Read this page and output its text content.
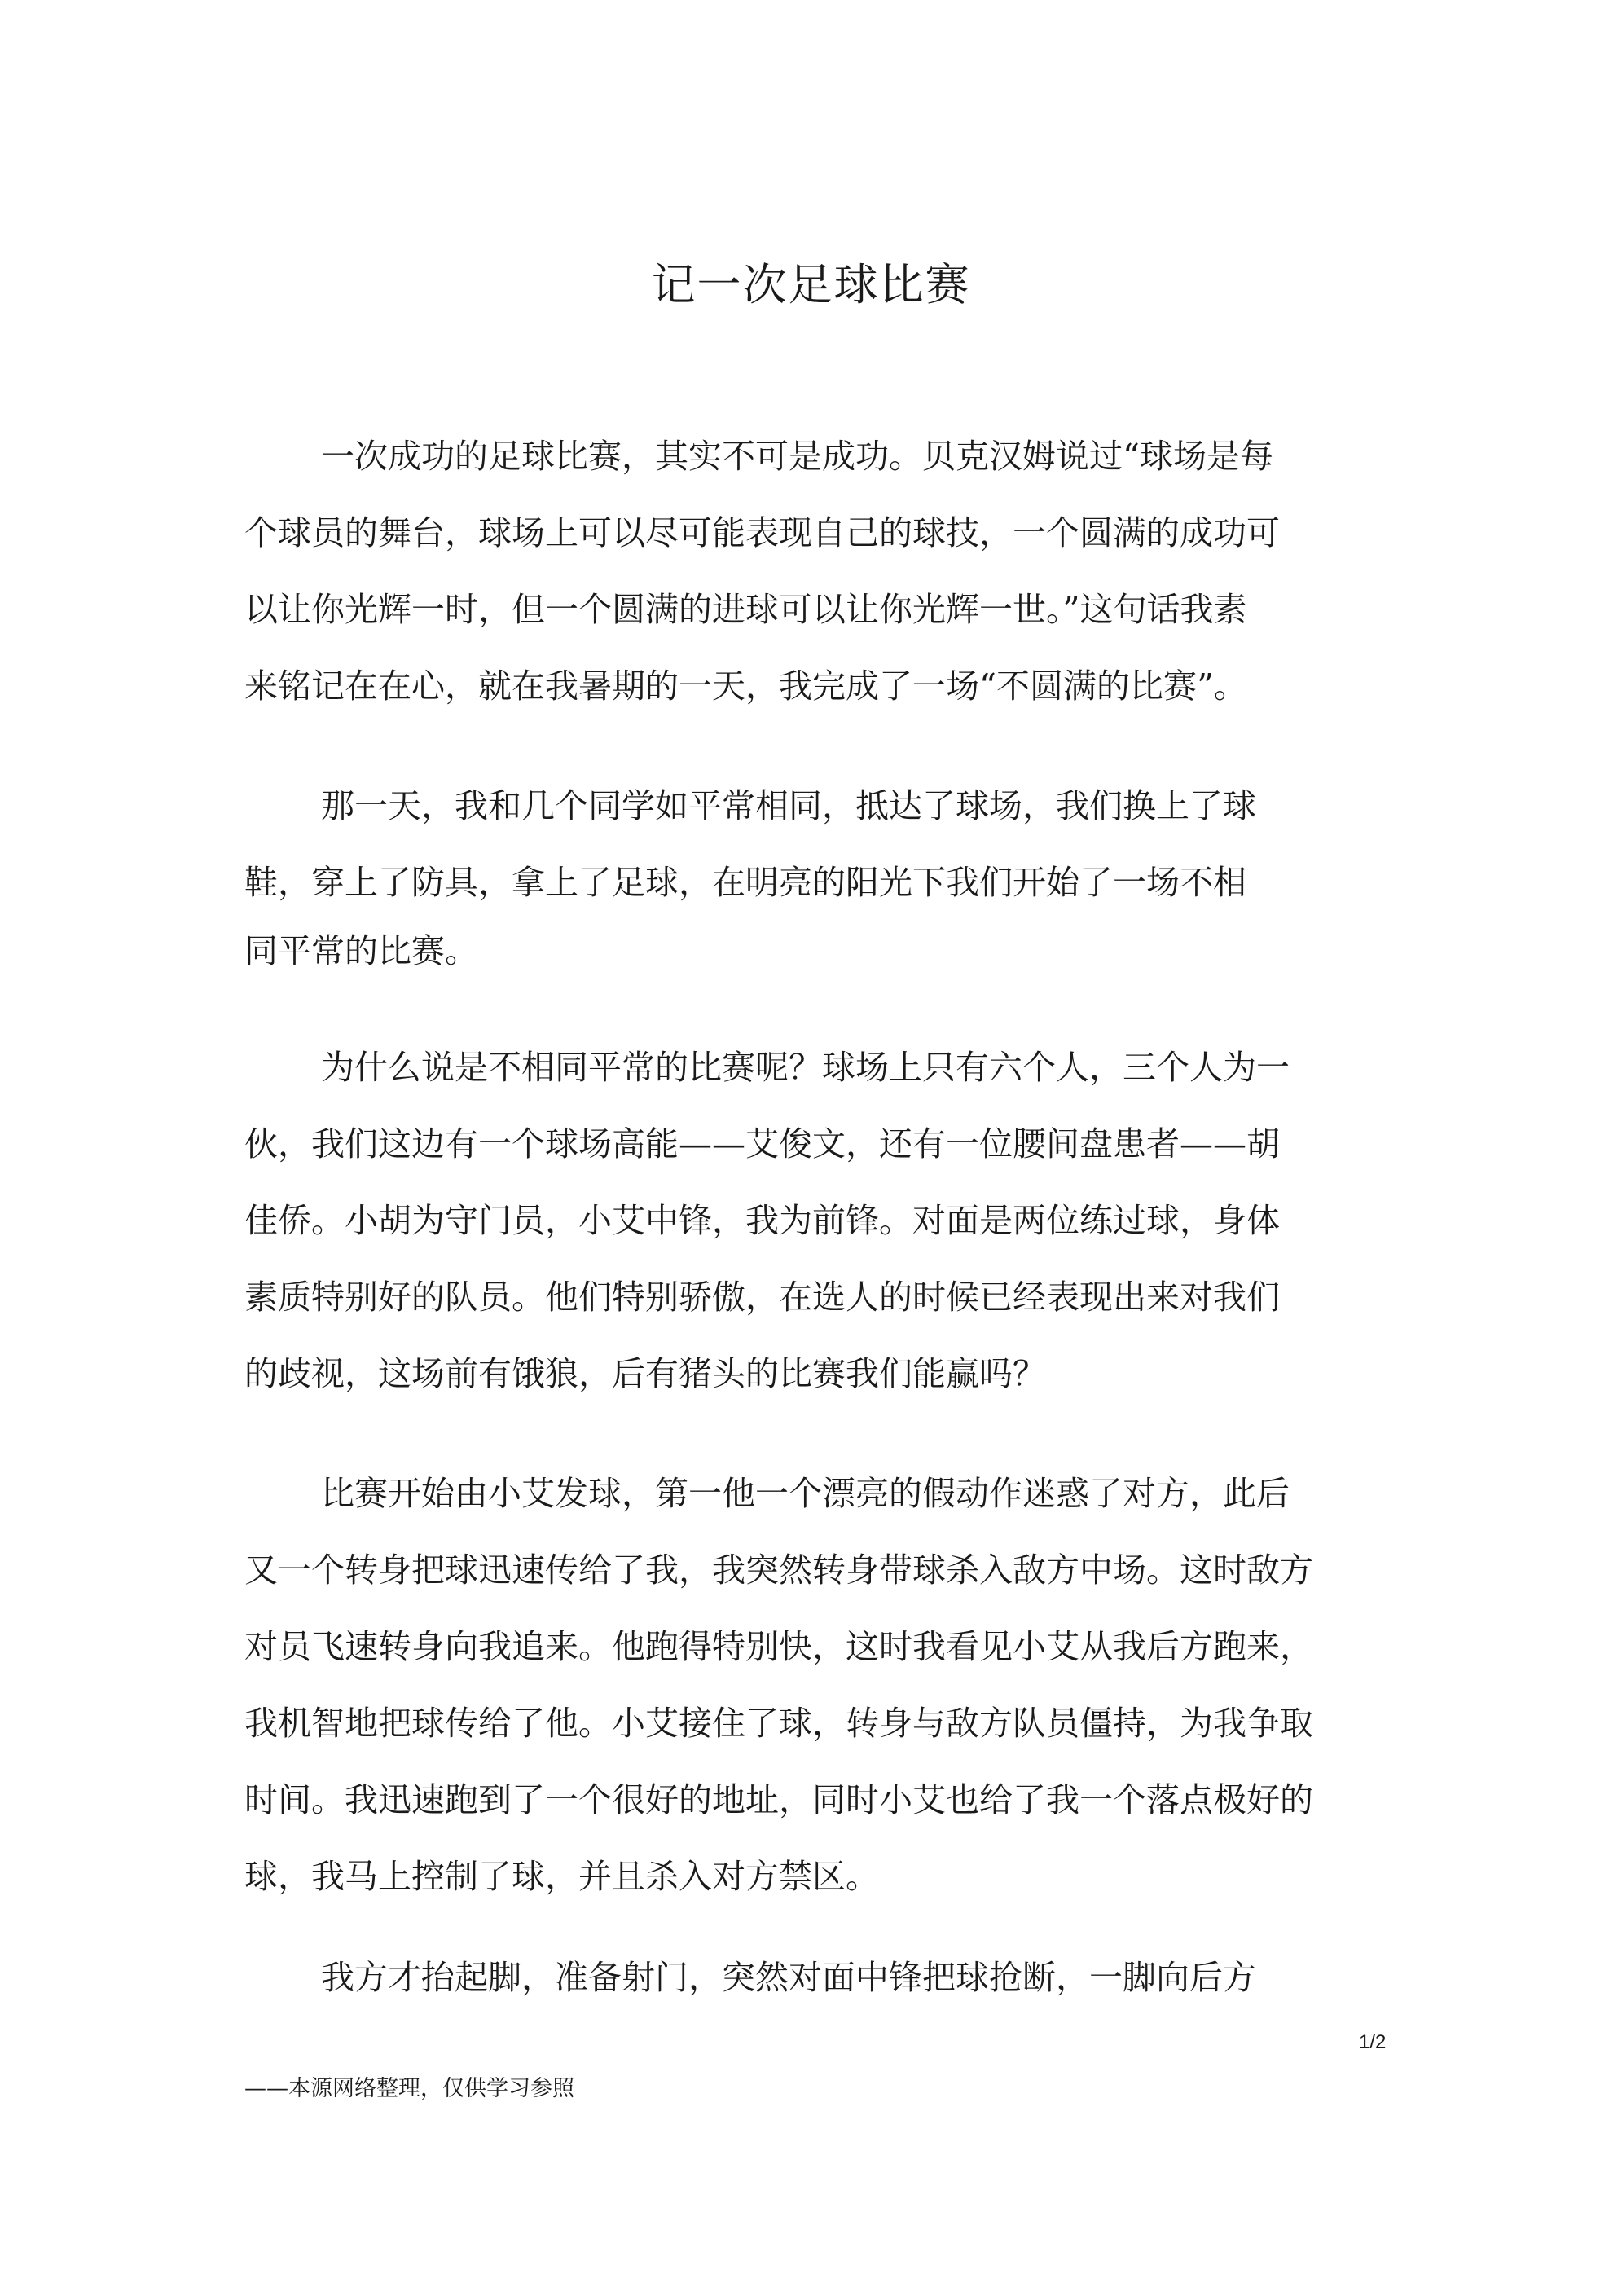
记一次足球比赛

一次成功的足球比赛，其实不可是成功。贝克汉姆说过“球场是每

个球员的舞台，球场上可以尽可能表现自己的球技，一个圆满的成功可

以让你光辉一时，但一个圆满的进球可以让你光辉一世。”这句话我素

来铭记在在心，就在我暑期的一天，我完成了一场“不圆满的比赛”。

那一天，我和几个同学如平常相同，抵达了球场，我们换上了球

鞋，穿上了防具，拿上了足球，在明亮的阳光下我们开始了一场不相

同平常的比赛。

为什么说是不相同平常的比赛呢？球场上只有六个人，三个人为一

伙，我们这边有一个球场高能——艾俊文，还有一位腰间盘患者——胡

佳侨。小胡为守门员，小艾中锋，我为前锋。对面是两位练过球，身体

素质特别好的队员。他们特别骄傲，在选人的时候已经表现出来对我们

的歧视，这场前有饿狼，后有猪头的比赛我们能赢吗？

比赛开始由小艾发球，第一他一个漂亮的假动作迷惑了对方，此后

又一个转身把球迅速传给了我，我突然转身带球杀入敌方中场。这时敌方

对员飞速转身向我追来。他跑得特别快，这时我看见小艾从我后方跑来，

我机智地把球传给了他。小艾接住了球，转身与敌方队员僵持，为我争取

时间。我迅速跑到了一个很好的地址，同时小艾也给了我一个落点极好的

球，我马上控制了球，并且杀入对方禁区。

我方才抬起脚，准备射门，突然对面中锋把球抢断，一脚向后方

1/2
——本源网络整理，仅供学习参照
